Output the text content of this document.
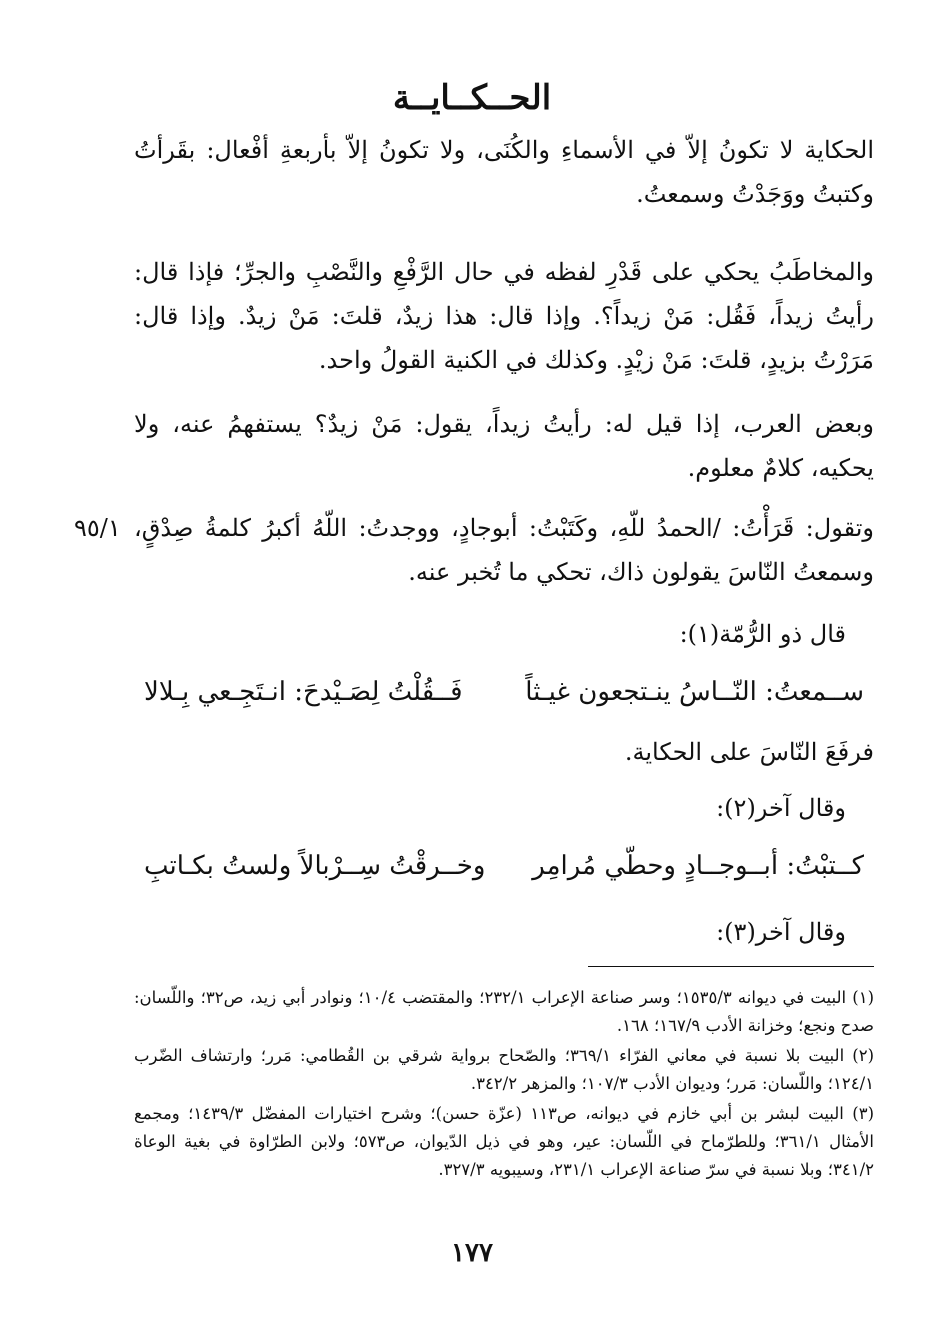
الحــكــايــة
الحكاية لا تكونُ إلاّ في الأسماءِ والكُنَى، ولا تكونُ إلاّ بأربعةِ أفْعال: بقَرأتُ وكتبتُ ووَجَدْتُ وسمعتُ.
والمخاطَبُ يحكي على قَدْرِ لفظه في حال الرَّفْعِ والنَّصْبِ والجرِّ؛ فإذا قال: رأيتُ زيداً، فَقُل: مَنْ زيداً؟. وإذا قال: هذا زيدٌ، قلتَ: مَنْ زيدٌ. وإذا قال: مَرَرْتُ بزيدٍ، قلتَ: مَنْ زيْدٍ. وكذلك في الكنية القولُ واحد.
وبعض العرب، إذا قيل له: رأيتُ زيداً، يقول: مَنْ زيدٌ؟ يستفهمُ عنه، ولا يحكيه، كلامٌ معلوم.
وتقول: قَرَأْتُ: /الحمدُ للّهِ، وكَتَبْتُ: أبوجادٍ، ووجدتُ: اللّهُ أكبرُ كلمةُ صِدْقٍ، وسمعتُ النّاسَ يقولون ذاك، تحكي ما تُخبر عنه.
٩٥/١
قال ذو الرُّمّة(١):
ســمعتُ: النّــاسُ ينـتجعون غيـثاً
فَــقُلْتُ لِصَـيْدحَ: انـتَجِـعي بِـلالا
فرفَعَ النّاسَ على الحكاية.
وقال آخر(٢):
كــتبْتُ: أبــوجــادٍ وحطّي مُرامِر
وخــرقْتُ سِــرْبالاً ولستُ بكـاتبِ
وقال آخر(٣):

(١) البيت في ديوانه ١٥٣٥/٣؛ وسر صناعة الإعراب ٢٣٢/١؛ والمقتضب ١٠/٤؛ ونوادر أبي زيد، ص٣٢؛ واللّسان: صدح ونجع؛ وخزانة الأدب ١٦٧/٩؛ ١٦٨.

(٢) البيت بلا نسبة في معاني الفرّاء ٣٦٩/١؛ والصّحاح برواية شرقي بن القُطامي: مَرر؛ وارتشاف الضّرب ١٢٤/١؛ واللّسان: مَرر؛ وديوان الأدب ١٠٧/٣؛ والمزهر ٣٤٢/٢.

(٣) البيت لبشر بن أبي خازم في ديوانه، ص١١٣ (عزّة حسن)؛ وشرح اختيارات المفضّل ١٤٣٩/٣؛ ومجمع الأمثال ٣٦١/١؛ وللطرّماح في اللّسان: عير، وهو في ذيل الدّيوان، ص٥٧٣؛ ولابن الطرّاوة في بغية الوعاة ٣٤١/٢؛ وبلا نسبة في سرّ صناعة الإعراب ٢٣١/١، وسيبويه ٣٢٧/٣.

١٧٧
